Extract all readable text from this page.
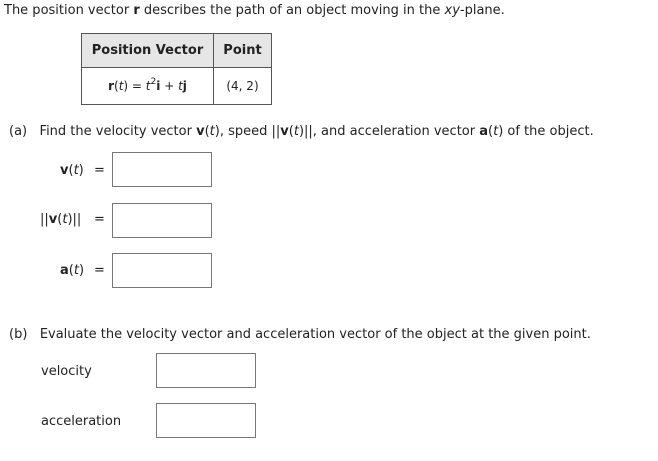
The position vector r describes the path of an object moving in the xy-plane.
Position Vector	Point
$r(t) = t^2i$ + tj	(4, 2)
(a) Find the velocity vector v(t), speed ||v(t)||, and acceleration vector a(t) of the object.
v(t) =
||v(t)|| =
a(t) =
(b) Evaluate the velocity vector and acceleration vector of the object at the given point.
velocity
acceleration
